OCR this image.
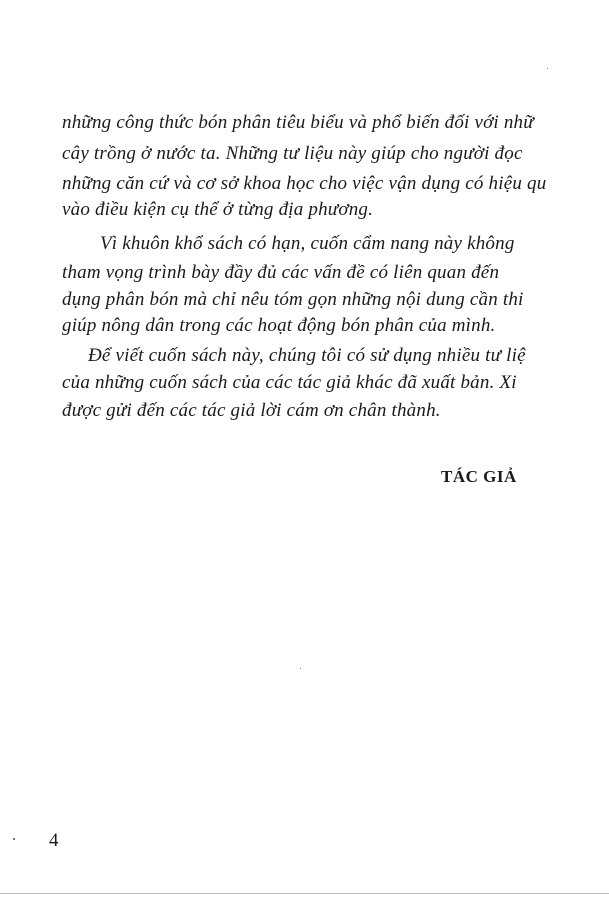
những công thức bón phân tiêu biểu và phổ biến đối với nhữ
cây trồng ở nước ta. Những tư liệu này giúp cho người đọc
những căn cứ và cơ sở khoa học cho việc vận dụng có hiệu qu
vào điều kiện cụ thể ở từng địa phương.
Vì khuôn khổ sách có hạn, cuốn cẩm nang này không
tham vọng trình bày đầy đủ các vấn đề có liên quan đến
dụng phân bón mà chỉ nêu tóm gọn những nội dung cần thi
giúp nông dân trong các hoạt động bón phân của mình.
Để viết cuốn sách này, chúng tôi có sử dụng nhiều tư liệ
của những cuốn sách của các tác giả khác đã xuất bản. Xi
được gửi đến các tác giả lời cám ơn chân thành.
TÁC GIẢ
4
